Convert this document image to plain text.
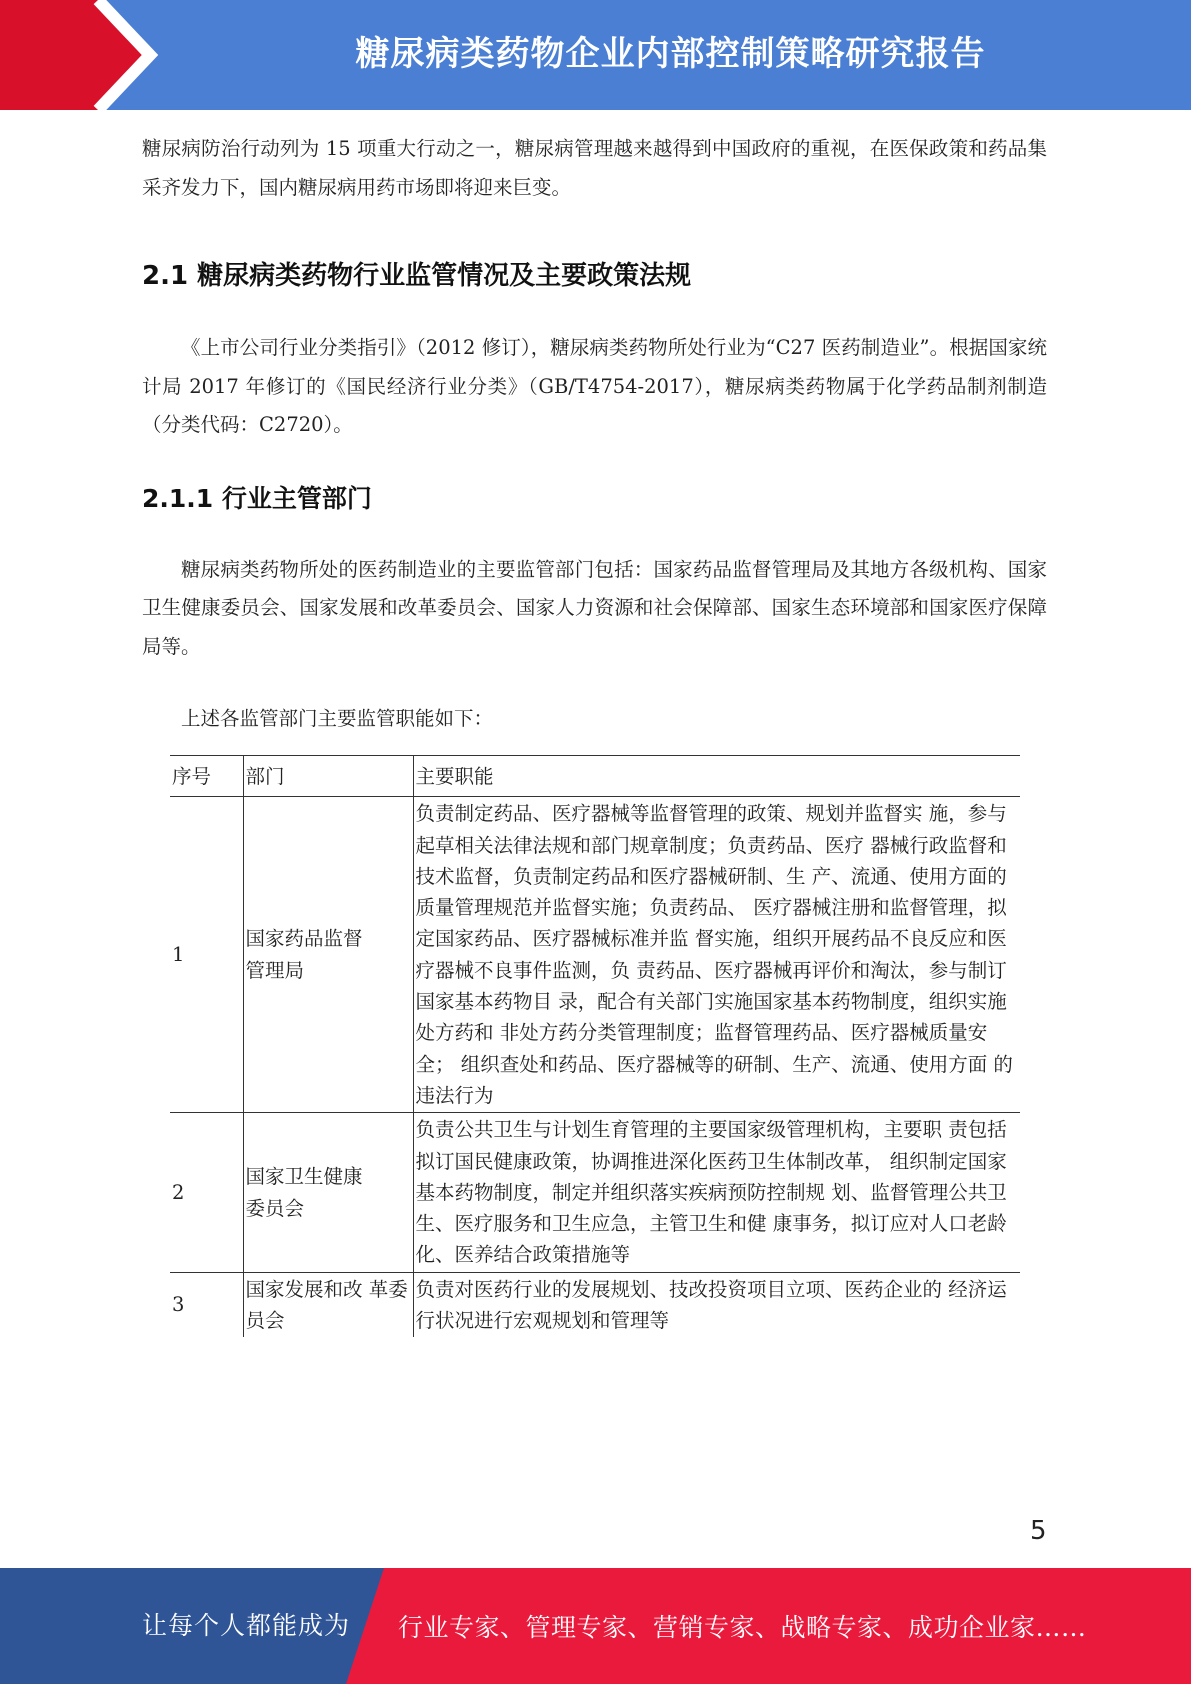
糖尿病类药物企业内部控制策略研究报告

糖尿病防治行动列为 15 项重大行动之一，糖尿病管理越来越得到中国政府的重视，在医保政策和药品集采齐发力下，国内糖尿病用药市场即将迎来巨变。

2.1 糖尿病类药物行业监管情况及主要政策法规

《上市公司行业分类指引》（2012 修订），糖尿病类药物所处行业为“C27 医药制造业”。根据国家统计局 2017 年修订的《国民经济行业分类》（GB/T4754-2017），糖尿病类药物属于化学药品制剂制造（分类代码：C2720）。

2.1.1 行业主管部门

糖尿病类药物所处的医药制造业的主要监管部门包括：国家药品监督管理局及其地方各级机构、国家卫生健康委员会、国家发展和改革委员会、国家人力资源和社会保障部、国家生态环境部和国家医疗保障局等。

上述各监管部门主要监管职能如下：

序号	部门	主要职能
1	国家药品监督管理局	负责制定药品、医疗器械等监督管理的政策、规划并监督实 施，参与起草相关法律法规和部门规章制度；负责药品、医疗 器械行政监督和技术监督，负责制定药品和医疗器械研制、生 产、流通、使用方面的质量管理规范并监督实施；负责药品、 医疗器械注册和监督管理，拟定国家药品、医疗器械标准并监 督实施，组织开展药品不良反应和医疗器械不良事件监测，负 责药品、医疗器械再评价和淘汰，参与制订国家基本药物目 录，配合有关部门实施国家基本药物制度，组织实施处方药和 非处方药分类管理制度；监督管理药品、医疗器械质量安全； 组织查处和药品、医疗器械等的研制、生产、流通、使用方面 的违法行为
2	国家卫生健康委员会	负责公共卫生与计划生育管理的主要国家级管理机构，主要职 责包括拟订国民健康政策，协调推进深化医药卫生体制改革， 组织制定国家基本药物制度，制定并组织落实疾病预防控制规 划、监督管理公共卫生、医疗服务和卫生应急，主管卫生和健 康事务，拟订应对人口老龄化、医养结合政策措施等
3	国家发展和改 革委员会	负责对医药行业的发展规划、技改投资项目立项、医药企业的 经济运行状况进行宏观规划和管理等
5
让每个人都能成为 行业专家、管理专家、营销专家、战略专家、成功企业家……
